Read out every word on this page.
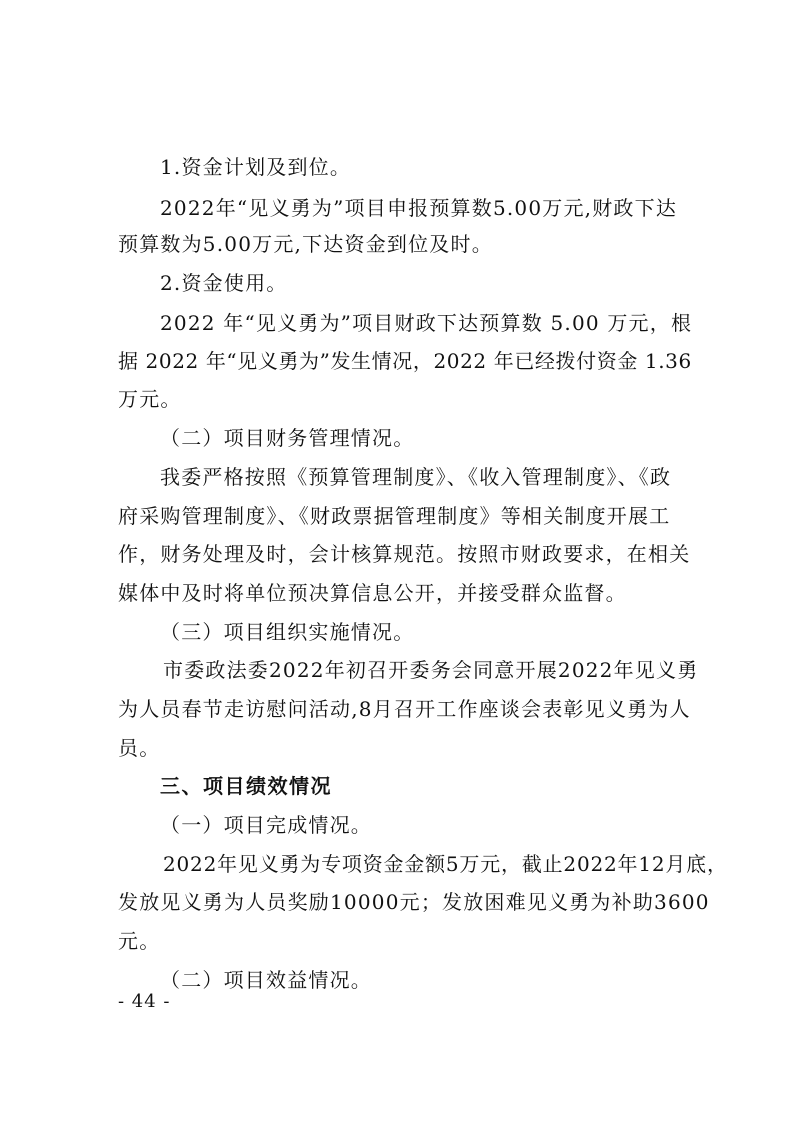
1.资金计划及到位。
2022年“见义勇为”项目申报预算数5.00万元,财政下达
预算数为5.00万元,下达资金到位及时。
2.资金使用。
2022 年“见义勇为”项目财政下达预算数 5.00 万元，根
据 2022 年“见义勇为”发生情况，2022 年已经拨付资金 1.36
万元。
（二）项目财务管理情况。
我委严格按照《预算管理制度》、《收入管理制度》、《政
府采购管理制度》、《财政票据管理制度》等相关制度开展工
作，财务处理及时，会计核算规范。按照市财政要求，在相关
媒体中及时将单位预决算信息公开，并接受群众监督。
（三）项目组织实施情况。
市委政法委2022年初召开委务会同意开展2022年见义勇
为人员春节走访慰问活动,8月召开工作座谈会表彰见义勇为人
员。
三、项目绩效情况
（一）项目完成情况。
2022年见义勇为专项资金金额5万元，截止2022年12月底，
发放见义勇为人员奖励10000元；发放困难见义勇为补助3600
元。
（二）项目效益情况。
- 44 -
